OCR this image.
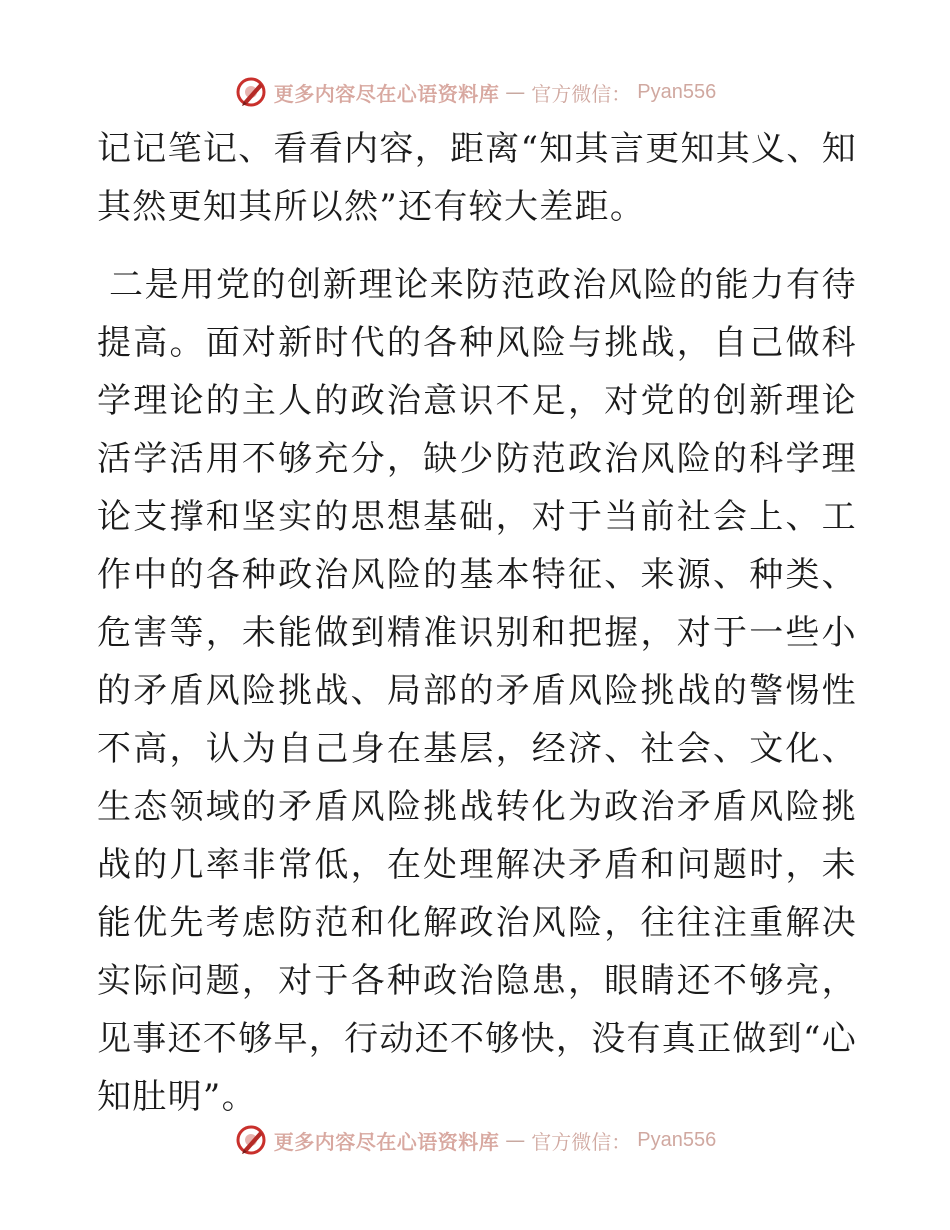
更多内容尽在心语资料库 — 官方微信： Pyan556

记记笔记、看看内容，距离“知其言更知其义、知其然更知其所以然”还有较大差距。

二是用党的创新理论来防范政治风险的能力有待提高。面对新时代的各种风险与挑战，自己做科学理论的主人的政治意识不足，对党的创新理论活学活用不够充分，缺少防范政治风险的科学理论支撑和坚实的思想基础，对于当前社会上、工作中的各种政治风险的基本特征、来源、种类、危害等，未能做到精准识别和把握，对于一些小的矛盾风险挑战、局部的矛盾风险挑战的警惕性不高，认为自己身在基层，经济、社会、文化、生态领域的矛盾风险挑战转化为政治矛盾风险挑战的几率非常低，在处理解决矛盾和问题时，未能优先考虑防范和化解政治风险，往往注重解决实际问题，对于各种政治隐患，眼睛还不够亮，见事还不够早，行动还不够快，没有真正做到“心知肚明”。

更多内容尽在心语资料库 — 官方微信： Pyan556
